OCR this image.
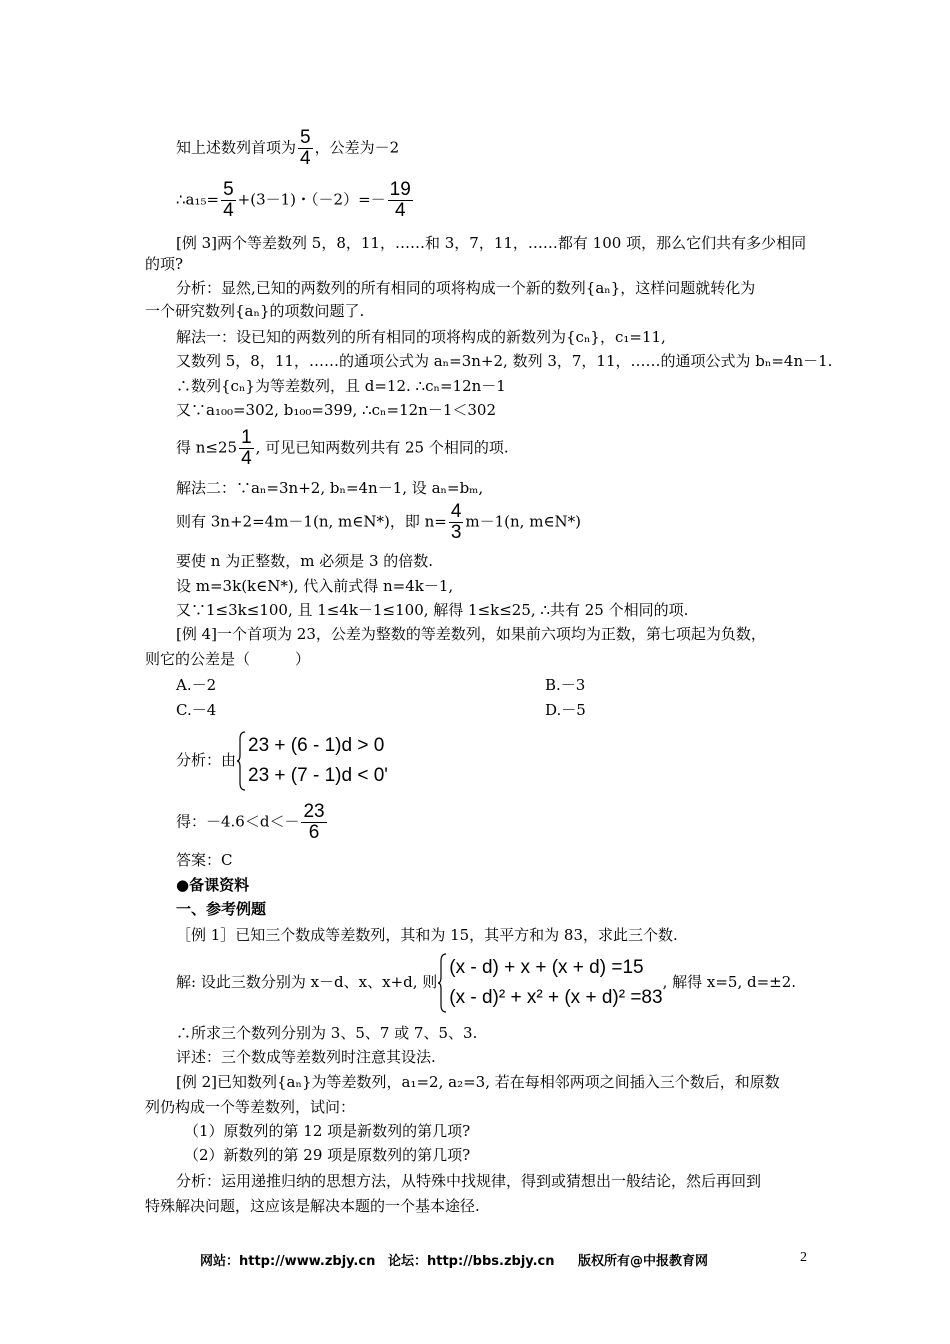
知上述数列首项为 $\frac{5}{4}$ ，公差为－2
∴a₁₅= $\frac{5}{4} +(3-1)$・$(-2)=- \frac{19}{4}$
[例 3]两个等差数列 5，8，11，……和 3，7，11，……都有 100 项，那么它们共有多少相同
的项?
分析：显然,已知的两数列的所有相同的项将构成一个新的数列{aₙ}，这样问题就转化为
一个研究数列{aₙ}的项数问题了.
解法一：设已知的两数列的所有相同的项将构成的新数列为{cₙ}，c₁=11,
又数列 5，8，11，……的通项公式为 aₙ=3n+2, 数列 3，7，11，……的通项公式为 bₙ=4n－1.
∴数列{cₙ}为等差数列，且 d=12. ∴cₙ=12n－1
又∵a₁₀₀=302, b₁₀₀=399, ∴cₙ=12n－1＜302
得 $n\le 25 \frac{1}{4}$ , 可见已知两数列共有 25 个相同的项.
解法二：∵aₙ=3n+2, bₙ=4n－1, 设 aₙ=bₘ,
则有 3n+2=4m－1(n, m∈N*)，即 $n= \frac{4}{3} m-1(n$, m∈N*)
要使 n 为正整数，m 必须是 3 的倍数.
设 m=3k(k∈N*), 代入前式得 n=4k－1,
又∵1≤3k≤100, 且 1≤4k－1≤100, 解得 1≤k≤25, ∴共有 25 个相同的项.
[例 4]一个首项为 23，公差为整数的等差数列，如果前六项均为正数，第七项起为负数，
则它的公差是（　　　）
A.－2	B.－3
C.－4	D.－5
分析：由
23 + (6 - 1)d > 0
23 + (7 - 1)d < 0'
得：$-4.6<d<- \frac{23}{6}$
答案：C
●备课资料
一、参考例题
［例 1］已知三个数成等差数列，其和为 15，其平方和为 83，求此三个数.
解: 设此三数分别为 x－d、x、x+d, 则
(x - d) + x + (x + d) =15
(x - d)² + x² + (x + d)² =83
, 解得 x=5, d=±2.
∴所求三个数列分别为 3、5、7 或 7、5、3.
评述：三个数成等差数列时注意其设法.
[例 2]已知数列{aₙ}为等差数列，a₁=2, a₂=3, 若在每相邻两项之间插入三个数后，和原数
列仍构成一个等差数列，试问：
（1）原数列的第 12 项是新数列的第几项?
（2）新数列的第 29 项是原数列的第几项?
分析：运用递推归纳的思想方法，从特殊中找规律，得到或猜想出一般结论，然后再回到
特殊解决问题，这应该是解决本题的一个基本途径.
网站：http://www.zbjy.cn 论坛：http://bbs.zbjy.cn 版权所有@中报教育网	2
